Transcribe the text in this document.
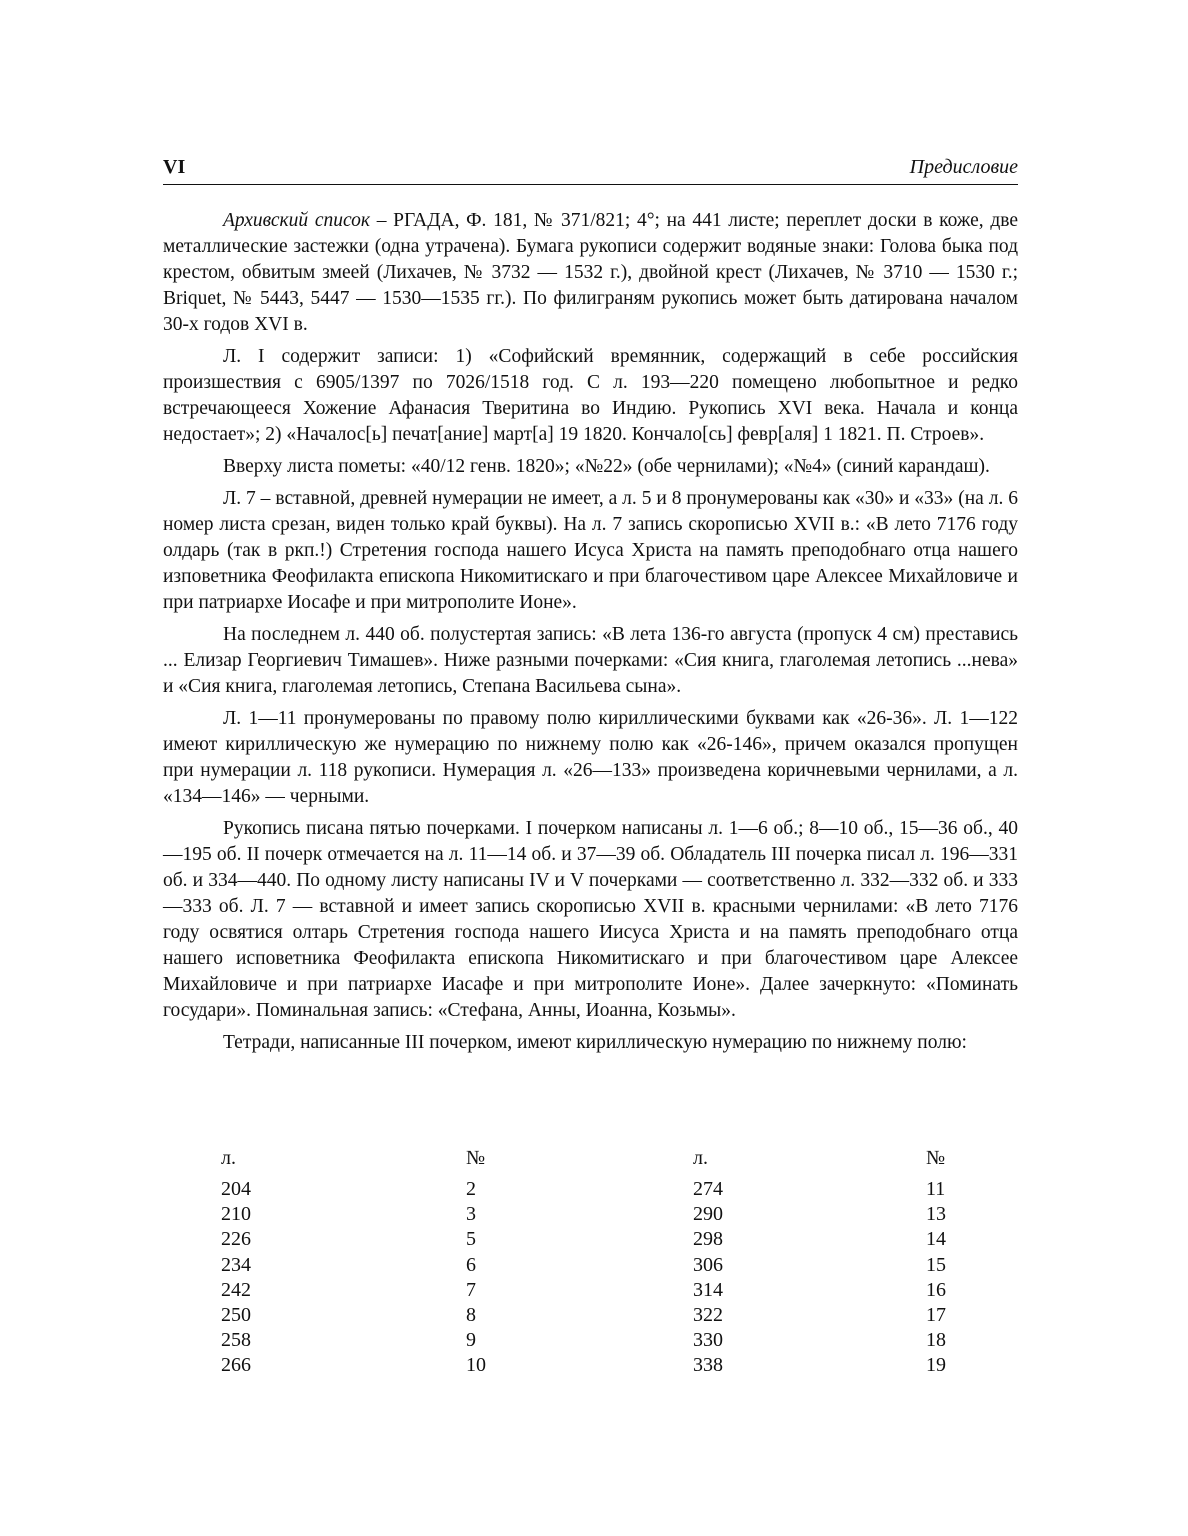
VI	Предисловие

Архивский список – РГАДА, Ф. 181, № 371/821; 4°; на 441 листе; переплет доски в коже, две металлические застежки (одна утрачена). Бумага рукописи содержит водяные знаки: Голова быка под крестом, обвитым змеей (Лихачев, № 3732 — 1532 г.), двойной крест (Лихачев, № 3710 — 1530 г.; Briquet, № 5443, 5447 — 1530—1535 гг.). По филиграням рукопись может быть датирована началом 30-х годов XVI в.

Л. I содержит записи: 1) «Софийский времянник, содержащий в себе российския произшествия с 6905/1397 по 7026/1518 год. С л. 193—220 помещено любопытное и редко встречающееся Хожение Афанасия Тверитина во Индию. Рукопись XVI века. Начала и конца недостает»; 2) «Началос[ь] печат[ание] март[а] 19 1820. Кончало[сь] февр[аля] 1 1821. П. Строев».

Вверху листа пометы: «40/12 генв. 1820»; «№22» (обе чернилами); «№4» (синий карандаш).

Л. 7 – вставной, древней нумерации не имеет, а л. 5 и 8 пронумерованы как «30» и «33» (на л. 6 номер листа срезан, виден только край буквы). На л. 7 запись скорописью XVII в.: «В лето 7176 году олдарь (так в ркп.!) Стретения господа нашего Исуса Христа на память преподобнаго отца нашего изповетника Феофилакта епископа Никомитискаго и при благочестивом царе Алексее Михайловиче и при патриархе Иосафе и при митрополите Ионе».

На последнем л. 440 об. полустертая запись: «В лета 136-го августа (пропуск 4 см) преставись ... Елизар Георгиевич Тимашев». Ниже разными почерками: «Сия книга, глаголемая летопись ...нева» и «Сия книга, глаголемая летопись, Степана Васильева сына».

Л. 1—11 пронумерованы по правому полю кириллическими буквами как «26-36». Л. 1—122 имеют кириллическую же нумерацию по нижнему полю как «26-146», причем оказался пропущен при нумерации л. 118 рукописи. Нумерация л. «26—133» произведена коричневыми чернилами, а л. «134—146» — черными.

Рукопись писана пятью почерками. I почерком написаны л. 1—6 об.; 8—10 об., 15—36 об., 40—195 об. II почерк отмечается на л. 11—14 об. и 37—39 об. Обладатель III почерка писал л. 196—331 об. и 334—440. По одному листу написаны IV и V почерками — соответственно л. 332—332 об. и 333—333 об. Л. 7 — вставной и имеет запись скорописью XVII в. красными чернилами: «В лето 7176 году освятися олтарь Стретения господа нашего Иисуса Христа и на память преподобнаго отца нашего исповетника Феофилакта епископа Никомитискаго и при благочестивом царе Алексее Михайловиче и при патриархе Иасафе и при митрополите Ионе». Далее зачеркнуто: «Поминать государи». Поминальная запись: «Стефана, Анны, Иоанна, Козьмы».

Тетради, написанные III почерком, имеют кириллическую нумерацию по нижнему полю:

л.
204
210
226
234
242
250
258
266
№
2
3
5
6
7
8
9
10
л.
274
290
298
306
314
322
330
338
№
11
13
14
15
16
17
18
19
